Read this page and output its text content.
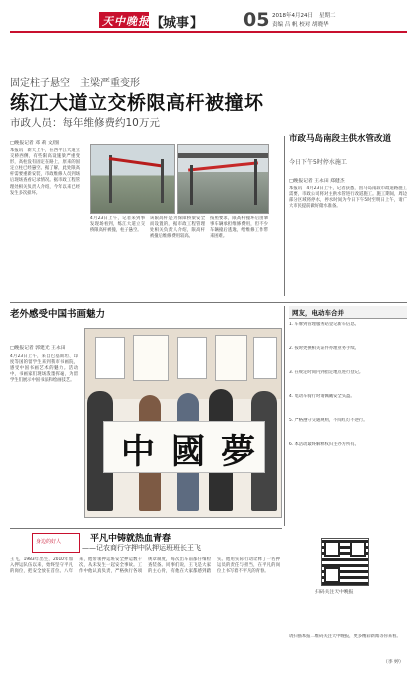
天中晚报 【
城事 】 05 2018年4月24日 星期二
责编 吕 帆 校对 胡晓华
固定柱子悬空　主梁严重变形
练江大道立交桥限高杆被撞坏
市政人员：每年维修费约10万元
□晚报记者 邓 莉 文/图
本报讯　新天上午，在西平江大道立交桥西侧，有些限高设施梁严重变形，高柱没有固定在路上，原来的固定立柱已经悬空。据了解，此处限高杆需要重新安装，市政维修人员到场后现场查看记录情况。据市政工程管理处相关负责人介绍，今年以来已经发生多次损坏。
4月23日上午，记者来到事发现场看到，练江大道立交桥限高杆被撞，柱子悬空。
该限高杆是为保障桥梁安全而设置的，据市政工程管理处相关负责人介绍，限高杆被撞后维修费用较高。
按照要求，限高杆撞坏后由肇事车辆承担维修费用，但不少车辆撞后逃逸，给维修工作带来困难。
市政马岛南段主供水管改道
今日下午5时停水施工
□晚报记者 王永田 郑健杰
本报讯　4月23日上午，记者获悉，因马岛南段市政道路施工需要，市政公司将对主供水管进行改道施工。施工期间，周边部分区域将停水，停水时间为今日下午5时至明日上午，请广大市民提前做好储水准备。
老外感受中国书画魅力
□晚报记者 郭建光 王永田
4月23日上午，来自巴基斯坦、印度等国的留学生来到我市书画院，感受中国书画艺术的魅力。活动中，书画家们现场泼墨挥毫，为留学生们展示中国书法和绘画技艺。
中國夢
网友，电动车合并
1. 车牌到管理服务站登记新车信息。
2. 按时更换相关证件办理业务手续。
3. 在规定时间内到指定地点进行登记。
4. 电动车骑行时请佩戴安全头盔。
5. 严格遵守交通规则，不闯红灯不逆行。
6. 本活动最终解释权归主办方所有。
扫码关注天中晚报
请扫描本报二维码关注天中晚报，更多精彩新闻等你来看。
（李 婷）
身边的好人	平凡中铸就热血青春
——记农商行守押中队押运班班长王飞
王飞，1983年出生，2010年加入押运队伍以来，始终坚守平凡的岗位，把安全放在首位。八年来，他带领押运班安全押运数千次，从未发生一起安全事故。工作中他认真负责，严格执行各项规章制度，每次出车前都仔细检查装备。同事们说，王飞是大家的主心骨，有他在大家都感到踏实。他用实际行动诠释了一名押运员的责任与担当，在平凡的岗位上书写着不平凡的青春。
